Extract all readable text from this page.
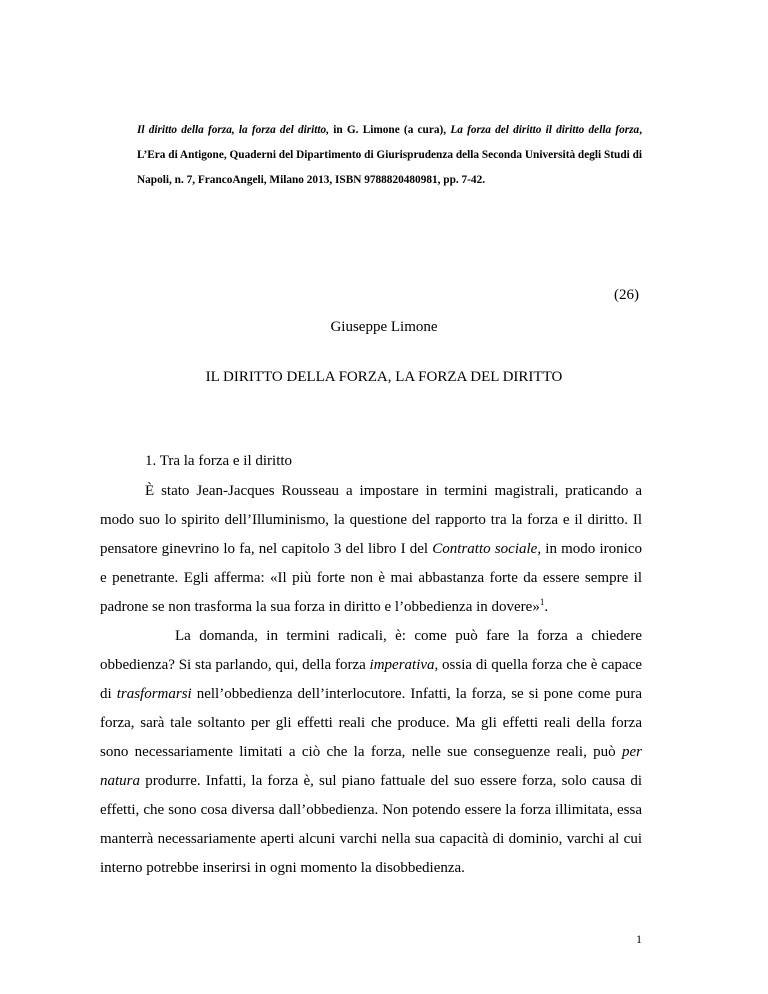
Il diritto della forza, la forza del diritto, in G. Limone (a cura), La forza del diritto il diritto della forza, L’Era di Antigone, Quaderni del Dipartimento di Giurisprudenza della Seconda Università degli Studi di Napoli, n. 7, FrancoAngeli, Milano 2013, ISBN 9788820480981, pp. 7-42.
(26)
Giuseppe Limone
IL DIRITTO DELLA FORZA, LA FORZA DEL DIRITTO
1. Tra la forza e il diritto

È stato Jean-Jacques Rousseau a impostare in termini magistrali, praticando a modo suo lo spirito dell’Illuminismo, la questione del rapporto tra la forza e il diritto. Il pensatore ginevrino lo fa, nel capitolo 3 del libro I del Contratto sociale, in modo ironico e penetrante. Egli afferma: «Il più forte non è mai abbastanza forte da essere sempre il padrone se non trasforma la sua forza in diritto e l’obbedienza in dovere»$^1$.

La domanda, in termini radicali, è: come può fare la forza a chiedere obbedienza? Si sta parlando, qui, della forza imperativa, ossia di quella forza che è capace di trasformarsi nell’obbedienza dell’interlocutore. Infatti, la forza, se si pone come pura forza, sarà tale soltanto per gli effetti reali che produce. Ma gli effetti reali della forza sono necessariamente limitati a ciò che la forza, nelle sue conseguenze reali, può per natura produrre. Infatti, la forza è, sul piano fattuale del suo essere forza, solo causa di effetti, che sono cosa diversa dall’obbedienza. Non potendo essere la forza illimitata, essa manterrà necessariamente aperti alcuni varchi nella sua capacità di dominio, varchi al cui interno potrebbe inserirsi in ogni momento la disobbedienza.

1
